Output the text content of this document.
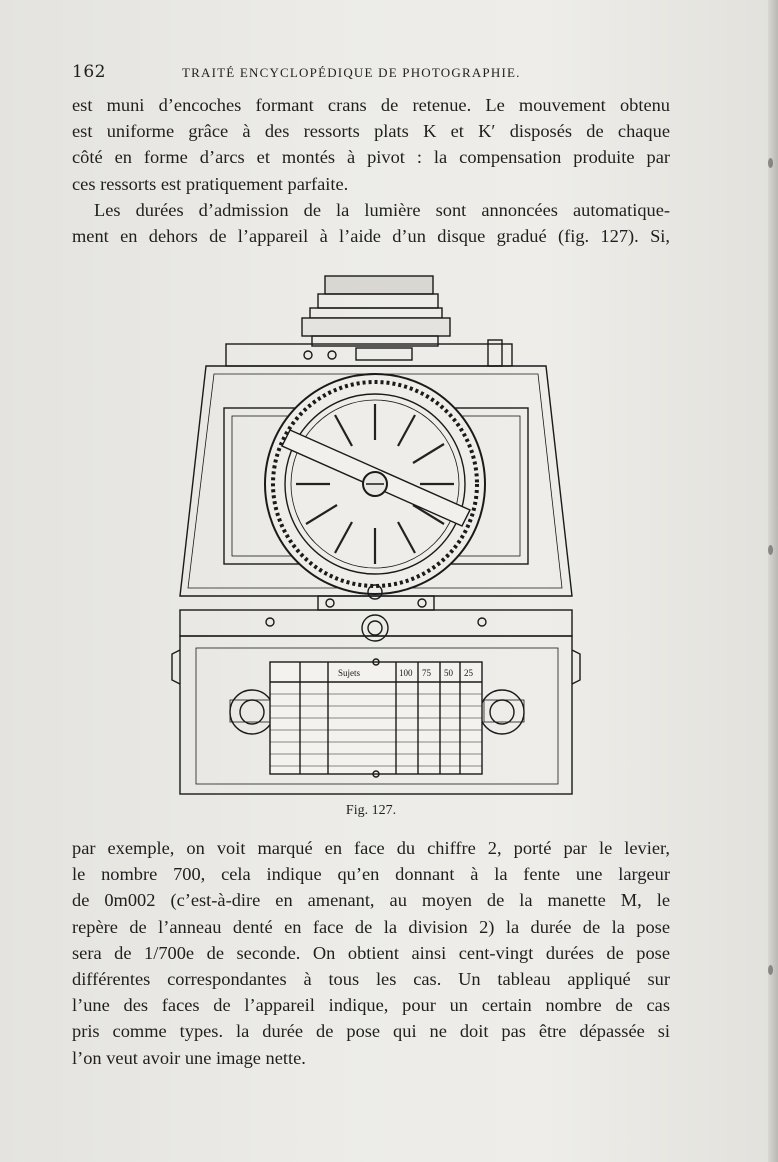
162	TRAITÉ ENCYCLOPÉDIQUE DE PHOTOGRAPHIE.
est muni d’encoches formant crans de retenue. Le mouvement obtenu
est uniforme grâce à des ressorts plats K et K′ disposés de chaque
côté en forme d’arcs et montés à pivot : la compensation produite par
ces ressorts est pratiquement parfaite.
Les durées d’admission de la lumière sont annoncées automatique-
ment en dehors de l’appareil à l’aide d’un disque gradué (fig. 127). Si,
Sujets	100 75 50 25
Fig. 127.
par exemple, on voit marqué en face du chiffre 2, porté par le levier,
le nombre 700, cela indique qu’en donnant à la fente une largeur
de 0m002 (c’est-à-dire en amenant, au moyen de la manette M, le
repère de l’anneau denté en face de la division 2) la durée de la pose
sera de 1/700e de seconde. On obtient ainsi cent-vingt durées de pose
différentes correspondantes à tous les cas. Un tableau appliqué sur
l’une des faces de l’appareil indique, pour un certain nombre de cas
pris comme types. la durée de pose qui ne doit pas être dépassée si
l’on veut avoir une image nette.
